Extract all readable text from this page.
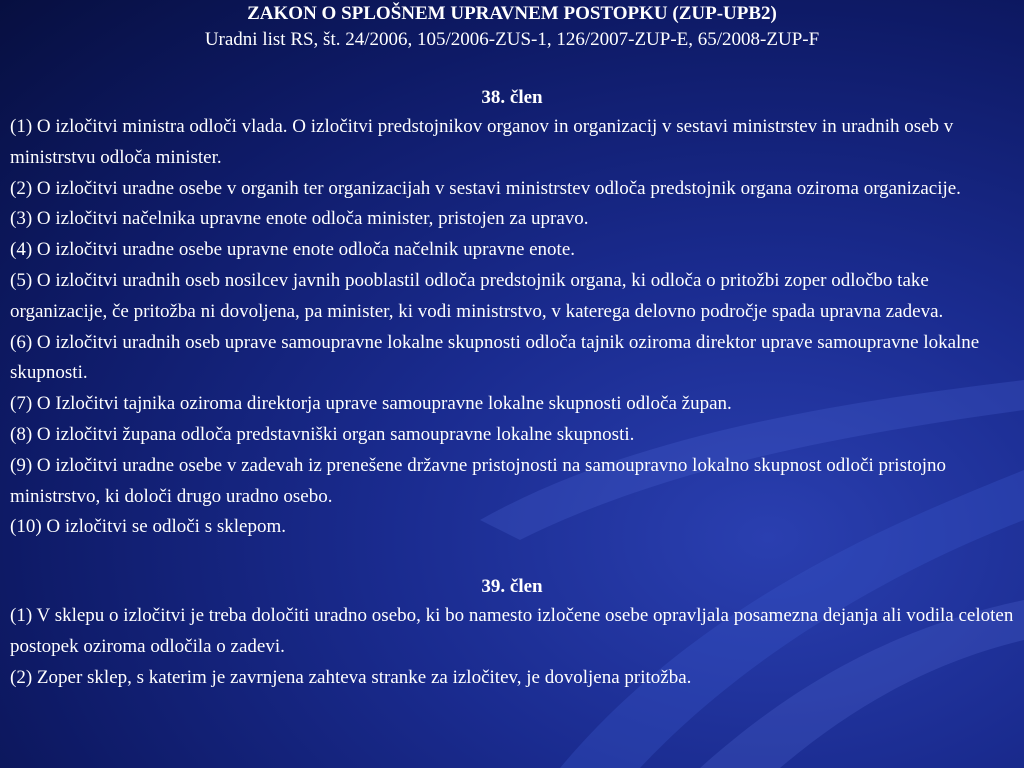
ZAKON O SPLOŠNEM UPRAVNEM POSTOPKU (ZUP-UPB2)
Uradni list RS, št. 24/2006, 105/2006-ZUS-1, 126/2007-ZUP-E, 65/2008-ZUP-F
38. člen

(1) O izločitvi ministra odloči vlada. O izločitvi predstojnikov organov in organizacij v sestavi ministrstev in uradnih oseb v ministrstvu odloča minister.

(2) O izločitvi uradne osebe v organih ter organizacijah v sestavi ministrstev odloča predstojnik organa oziroma organizacije.

(3) O izločitvi načelnika upravne enote odloča minister, pristojen za upravo.

(4) O izločitvi uradne osebe upravne enote odloča načelnik upravne enote.

(5) O izločitvi uradnih oseb nosilcev javnih pooblastil odloča predstojnik organa, ki odloča o pritožbi zoper odločbo take organizacije, če pritožba ni dovoljena, pa minister, ki vodi ministrstvo, v katerega delovno področje spada upravna zadeva.

(6) O izločitvi uradnih oseb uprave samoupravne lokalne skupnosti odloča tajnik oziroma direktor uprave samoupravne lokalne skupnosti.

(7) O Izločitvi tajnika oziroma direktorja uprave samoupravne lokalne skupnosti odloča župan.

(8) O izločitvi župana odloča predstavniški organ samoupravne lokalne skupnosti.

(9) O izločitvi uradne osebe v zadevah iz prenešene državne pristojnosti na samoupravno lokalno skupnost odloči pristojno ministrstvo, ki določi drugo uradno osebo.

(10) O izločitvi se odloči s sklepom.

39. člen

(1) V sklepu o izločitvi je treba določiti uradno osebo, ki bo namesto izločene osebe opravljala posamezna dejanja ali vodila celoten postopek oziroma odločila o zadevi.

(2) Zoper sklep, s katerim je zavrnjena zahteva stranke za izločitev, je dovoljena pritožba.
